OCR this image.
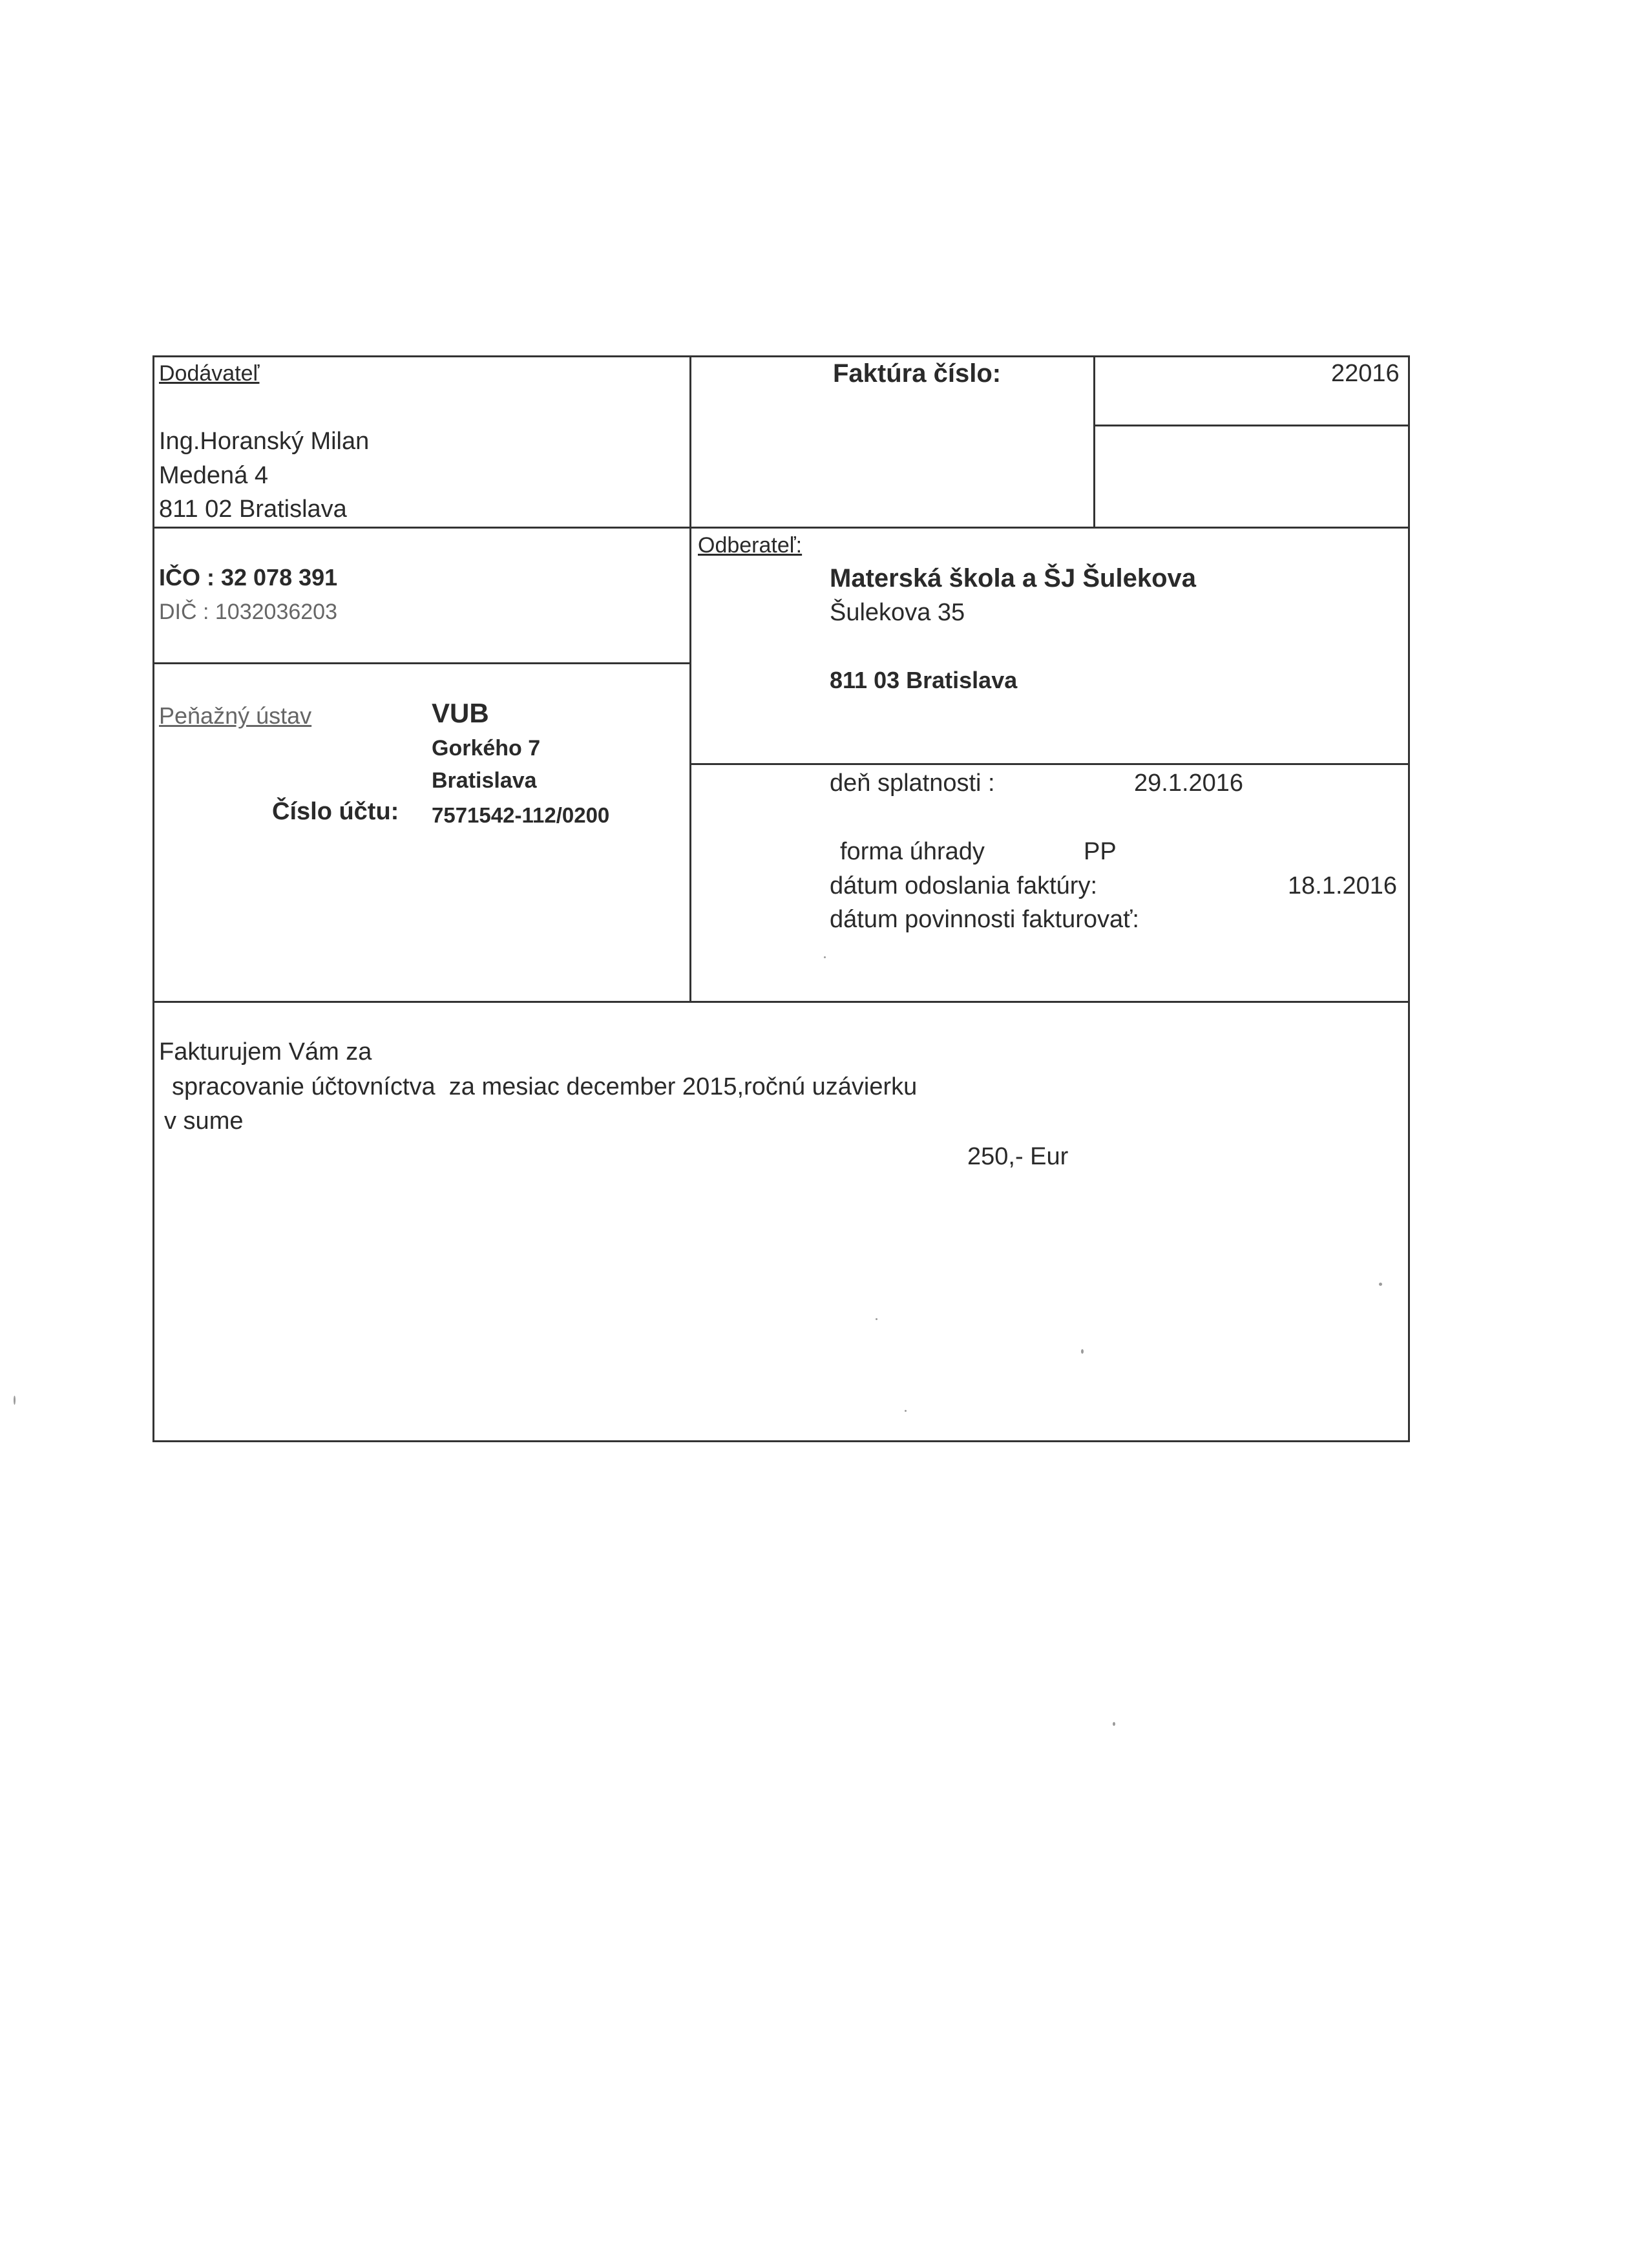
Dodávateľ
Ing.Horanský Milan
Medená 4
811 02 Bratislava
IČO : 32 078 391
DIČ : 1032036203
Peňažný ústav	VUB
Gorkého 7
Bratislava
Číslo účtu: 7571542-112/0200
Faktúra číslo:	22016
Odberateľ:
Materská škola a ŠJ Šulekova
Šulekova 35
811 03 Bratislava
deň splatnosti :	29.1.2016
forma úhrady	PP
dátum odoslania faktúry:	18.1.2016
dátum povinnosti fakturovať:
Fakturujem Vám za
spracovanie účtovníctva  za mesiac december 2015,ročnú uzávierku
v sume
250,- Eur
